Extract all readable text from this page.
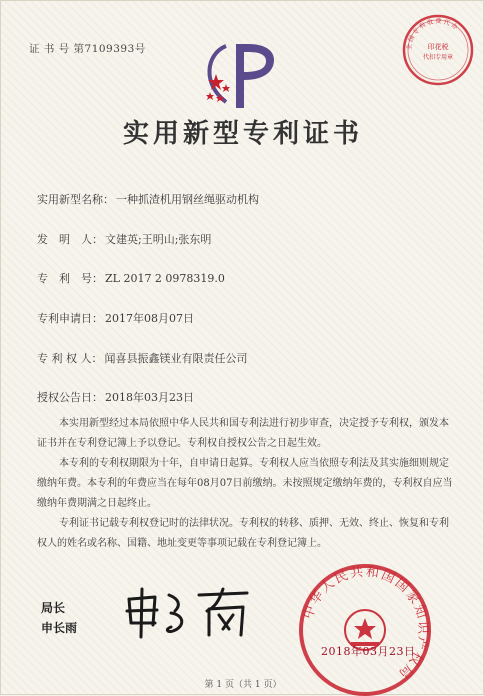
证 书 号 第7109393号	全 国 专 利 收 费 代 办
印花税
代扣专用章
实用新型专利证书
实用新型名称： 一种抓渣机用钢丝绳驱动机构
发　明　人： 文建英;王明山;张东明
专　利　号： ZL 2017 2 0978319.0
专利申请日： 2017年08月07日
专 利 权 人： 闻喜县振鑫镁业有限责任公司
授权公告日： 2018年03月23日
本实用新型经过本局依照中华人民共和国专利法进行初步审查，决定授予专利权，颁发本证书并在专利登记簿上予以登记。专利权自授权公告之日起生效。
本专利的专利权期限为十年，自申请日起算。专利权人应当依照专利法及其实施细则规定缴纳年费。本专利的年费应当在每年08月07日前缴纳。未按照规定缴纳年费的，专利权自应当缴纳年费期满之日起终止。
专利证书记载专利权登记时的法律状况。专利权的转移、质押、无效、终止、恢复和专利权人的姓名或名称、国籍、地址变更等事项记载在专利登记簿上。
局长
申长雨
中华人民共和国国家知识产权局
2018年03月23日
第 1 页（共 1 页）
